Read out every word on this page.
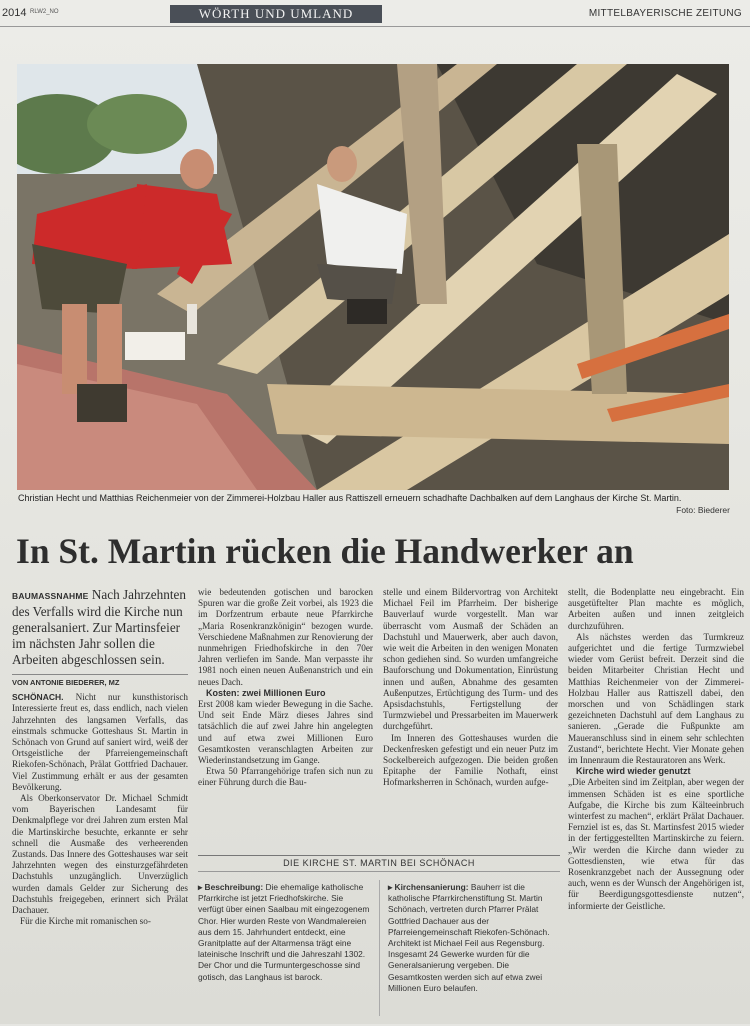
2014 RLW2_NO	WÖRTH UND UMLAND	MITTELBAYERISCHE ZEITUNG
Christian Hecht und Matthias Reichenmeier von der Zimmerei-Holzbau Haller aus Rattiszell erneuern schadhafte Dachbalken auf dem Langhaus der Kirche St. Martin.
Foto: Biederer
In St. Martin rücken die Handwerker an

BAUMASSNAHME Nach Jahrzehnten des Verfalls wird die Kirche nun generalsaniert. Zur Martinsfeier im nächsten Jahr sollen die Arbeiten abgeschlossen sein.

VON ANTONIE BIEDERER, MZ

SCHÖNACH. Nicht nur kunsthistorisch Interessierte freut es, dass endlich, nach vielen Jahrzehnten des langsamen Verfalls, das einstmals schmucke Gotteshaus St. Martin in Schönach von Grund auf saniert wird, weiß der Ortsgeistliche der Pfarreiengemeinschaft Riekofen-Schönach, Prälat Gottfried Dachauer. Viel Zustimmung erhält er aus der gesamten Bevölkerung.

Als Oberkonservator Dr. Michael Schmidt vom Bayerischen Landesamt für Denkmalpflege vor drei Jahren zum ersten Mal die Martinskirche besuchte, erkannte er sehr schnell die Ausmaße des verheerenden Zustands. Das Innere des Gotteshauses war seit Jahrzehnten wegen des einsturzgefährdeten Dachstuhls unzugänglich. Unverzüglich wurden damals Gelder zur Sicherung des Dachstuhls freigegeben, erinnert sich Prälat Dachauer.

Für die Kirche mit romanischen so-

wie bedeutenden gotischen und barocken Spuren war die große Zeit vorbei, als 1923 die im Dorfzentrum erbaute neue Pfarrkirche „Maria Rosenkranzkönigin“ bezogen wurde. Verschiedene Maßnahmen zur Renovierung der nunmehrigen Friedhofskirche in den 70er Jahren verliefen im Sande. Man verpasste ihr 1981 noch einen neuen Außenanstrich und ein neues Dach.

Kosten: zwei Millionen Euro

Erst 2008 kam wieder Bewegung in die Sache. Und seit Ende März dieses Jahres sind tatsächlich die auf zwei Jahre hin angelegten und auf etwa zwei Millionen Euro Gesamtkosten veranschlagten Arbeiten zur Wiederinstandsetzung im Gange.

Etwa 50 Pfarrangehörige trafen sich nun zu einer Führung durch die Bau-

stelle und einem Bildervortrag von Architekt Michael Feil im Pfarrheim. Der bisherige Bauverlauf wurde vorgestellt. Man war überrascht vom Ausmaß der Schäden an Dachstuhl und Mauerwerk, aber auch davon, wie weit die Arbeiten in den wenigen Monaten schon gediehen sind. So wurden umfangreiche Bauforschung und Dokumentation, Einrüstung innen und außen, Abnahme des gesamten Außenputzes, Ertüchtigung des Turm- und des Apsisdachstuhls, Fertigstellung der Turmzwiebel und Pressarbeiten im Mauerwerk durchgeführt.

Im Inneren des Gotteshauses wurden die Deckenfresken gefestigt und ein neuer Putz im Sockelbereich aufgezogen. Die beiden großen Epitaphe der Familie Nothaft, einst Hofmarksherren in Schönach, wurden aufge-

stellt, die Bodenplatte neu eingebracht. Ein ausgetüftelter Plan machte es möglich, Arbeiten außen und innen zeitgleich durchzuführen.

Als nächstes werden das Turmkreuz aufgerichtet und die fertige Turmzwiebel wieder vom Gerüst befreit. Derzeit sind die beiden Mitarbeiter Christian Hecht und Matthias Reichenmeier von der Zimmerei-Holzbau Haller aus Rattiszell dabei, den morschen und von Schädlingen stark gezeichneten Dachstuhl auf dem Langhaus zu sanieren. „Gerade die Fußpunkte am Maueranschluss sind in einem sehr schlechten Zustand“, berichtete Hecht. Vier Monate gehen im Innenraum die Restauratoren ans Werk.

Kirche wird wieder genutzt

„Die Arbeiten sind im Zeitplan, aber wegen der immensen Schäden ist es eine sportliche Aufgabe, die Kirche bis zum Kälteeinbruch winterfest zu machen“, erklärt Prälat Dachauer. Fernziel ist es, das St. Martinsfest 2015 wieder in der fertiggestellten Martinskirche zu feiern. „Wir werden die Kirche dann wieder zu Gottesdiensten, wie etwa für das Rosenkranzgebet nach der Aussegnung oder auch, wenn es der Wunsch der Angehörigen ist, für Beerdigungsgottesdienste nutzen“, informierte der Geistliche.

DIE KIRCHE ST. MARTIN BEI SCHÖNACH
▸ Beschreibung: Die ehemalige katholische Pfarrkirche ist jetzt Friedhofskirche. Sie verfügt über einen Saalbau mit eingezogenem Chor. Hier wurden Reste von Wandmalereien aus dem 15. Jahrhundert entdeckt, eine Granitplatte auf der Altarmensa trägt eine lateinische Inschrift und die Jahreszahl 1302. Der Chor und die Turmuntergeschosse sind gotisch, das Langhaus ist barock.
▸ Kirchensanierung: Bauherr ist die katholische Pfarrkirchenstiftung St. Martin Schönach, vertreten durch Pfarrer Prälat Gottfried Dachauer aus der Pfarreiengemeinschaft Riekofen-Schönach. Architekt ist Michael Feil aus Regensburg. Insgesamt 24 Gewerke wurden für die Generalsanierung vergeben. Die Gesamtkosten werden sich auf etwa zwei Millionen Euro belaufen.
